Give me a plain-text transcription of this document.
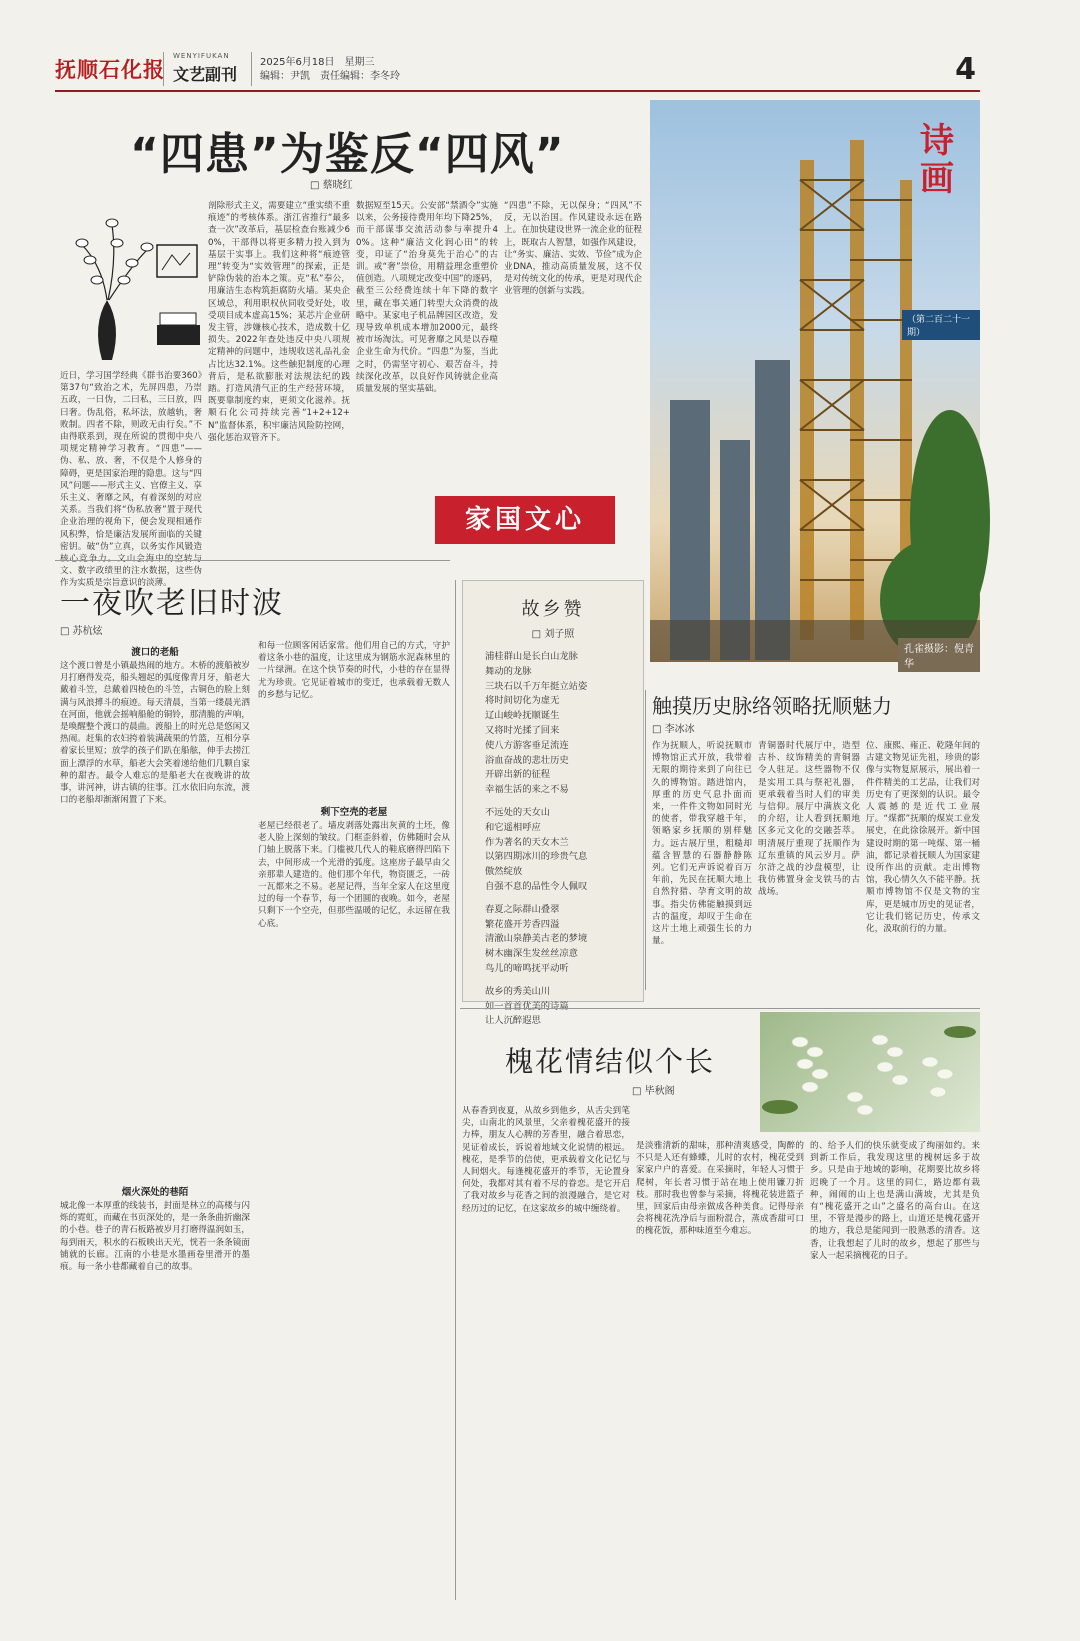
抚顺石化报
WENYIFUKAN
文艺副刊
2025年6月18日　星期三
编辑：尹凯　责任编辑：李冬玲	4
“四患”为鉴反“四风”
□ 蔡晓红
近日，学习国学经典《群书治要360》第37句“致治之术，先屏四患，乃崇五政，一曰伪，二曰私，三曰放，四曰奢。伪乱俗，私坏法，放越轨，奢败制。四者不除，则政无由行矣。”不由得联系到，现在所说的贯彻中央八项规定精神学习教育。“四患”——伪、私、放、奢，不仅是个人修身的障碍，更是国家治理的隐患。这与“四风”问题——形式主义、官僚主义、享乐主义、奢靡之风，有着深刻的对应关系。当我们将“伪私放奢”置于现代企业治理的视角下，便会发现相通作风积弊，恰是廉洁发展所面临的关键密钥。破“伪”立真，以务实作风锻造核心竞争力。文山会海中的空转与文、数字政绩里的注水数据，这些伪作为实质是宗旨意识的淡薄。
剖除形式主义，需要建立“重实绩不重痕迹”的考核体系。浙江省推行“最多查一次”改革后，基层检查台账减少60%，干部得以将更多精力投入到为基层干实事上。我们这种将“痕迹管理”转变为“实效管理”的探索，正是铲除伪装的治本之策。克“私”奉公，用廉洁生态构筑拒腐防火墙。某央企区域总，利用职权伙同收受好处，收受项目成本虚高15%；某芯片企业研发主管，涉嫌核心技术，造成数十亿损失。2022年查处违反中央八项规定精神的问题中，违规收送礼品礼金占比达32.1%。这些触犯制度的心理背后，是私欲膨胀对法规法纪的践踏。打造风清气正的生产经营环境，既要靠制度约束，更须文化滋养。抚顺石化公司持续完善“1+2+12+N”监督体系，积牢廉洁风险防控网，强化惩治双管齐下。
数据短至15天。公安部“禁酒令”实施以来，公务接待费用年均下降25%，而干部谋事交流活动参与率提升40%。这种“廉洁文化润心田”的转变，印证了“治身莫先于治心”的古训。戒“奢”崇俭，用精益理念重塑价值创造。八项规定改变中国”的逐码，截至三公经费连续十年下降的数字里，藏在事关通门转型大众消费的战略中。某家电子机品牌园区改造，发现导致单机成本增加2000元，最终被市场淘汰。可见奢靡之风是以吞噬企业生命为代价。“四患”为鉴，当此之时，仍需坚守初心、艰苦奋斗，持续深化改革，以良好作风铸就企业高质量发展的坚实基础。
“四患”不除，无以保身；“四风”不反，无以治国。作风建设永远在路上。在加快建设世界一流企业的征程上，既取古人智慧，如强作风建设，让“务实、廉洁、实效、节俭”成为企业DNA，推动高质量发展，这不仅是对传统文化的传承，更是对现代企业管理的创新与实践。
家国文心
诗画
（第二百二十一期）
孔雀摄影：倪青华
一夜吹老旧时波
□ 苏杭炫
渡口的老船
这个渡口曾是小镇最热闹的地方。木桥的渡船被岁月打磨得发亮，船头翘起的弧度像青月牙，船老大戴着斗笠，总戴着四棱色的斗笠，古铜色的脸上刻满与风浪搏斗的痕迹。每天清晨，当第一缕晨光洒在河面，他就会摇响船舱的铜铃，那清脆的声响，是唤醒整个渡口的晨曲。渡船上的时光总是悠闲又热闹。赶集的农妇挎着装满蔬果的竹篮，互相分享着家长里短；放学的孩子们趴在船舷，伸手去捞江面上漂浮的水草，船老大会笑着递给他们几颗自家种的甜杏。最令人难忘的是船老大在夜晚讲的故事，讲河神，讲古镇的往事。江水依旧向东流，渡口的老船却渐渐闲置了下来。
烟火深处的巷陌
城北像一本厚重的线装书，封面是林立的高楼与闪烁的霓虹，而藏在书页深处的，是一条条曲折幽深的小巷。巷子的青石板路被岁月打磨得温润如玉，每到雨天，积水的石板映出天光，恍若一条条镜面铺就的长廊。江南的小巷是水墨画卷里滑开的墨痕。每一条小巷都藏着自己的故事。
和每一位顾客闲话家常。他们用自己的方式，守护着这条小巷的温度，让这里成为钢筋水泥森林里的一片绿洲。在这个快节奏的时代，小巷的存在显得尤为珍贵。它见证着城市的变迁，也承载着无数人的乡愁与记忆。
剩下空壳的老屋
老屋已经很老了。墙皮剥落处露出灰黄的土坯，像老人脸上深刻的皱纹。门框歪斜着，仿佛随时会从门轴上脱落下来。门槛被几代人的鞋底磨得凹陷下去，中间形成一个光滑的弧度。这座房子最早由父亲那辈人建造的。他们那个年代，物资匮乏，一砖一瓦都来之不易。老屋记得，当年全家人在这里度过的每一个春节，每一个团圆的夜晚。如今，老屋只剩下一个空壳，但那些温暖的记忆，永远留在我心底。
故乡赞
□ 刘子照
浦桂群山是长白山龙脉
舞动的龙脉
三块石以千万年挺立站姿
将时间切化为虚无
辽山峻岭抚顺诞生
又将时光揉了回来
使八方游客垂足流连
浴血奋战的悲壮历史
开辟出新的征程
幸福生活的来之不易

不远处的天女山
和它遥相呼应
作为著名的天女木兰
以第四期冰川的珍贵气息
傲然绽放
自强不息的品性令人佩叹

春夏之际群山叠翠
繁花盛开芳香四溢
清澈山泉静美古老的梦境
树木幽深生发丝丝凉意
鸟儿的啼鸣抚平动听

故乡的秀美山川
如一首首优美的诗篇
让人沉醉遐思
触摸历史脉络领略抚顺魅力
□ 李冰冰
作为抚顺人，听说抚顺市博物馆正式开放，我带着无限的期待来到了向往已久的博物馆。踏进馆内，厚重的历史气息扑面而来，一件件文物如同时光的使者，带我穿越千年，领略家乡抚顺的别样魅力。远古展厅里，粗糙却蕴含智慧的石器静静陈列。它们无声诉说着百万年前，先民在抚顺大地上自然狩猎、孕育文明的故事。指尖仿佛能触摸到远古的温度，却叹于生命在这片土地上顽强生长的力量。
青铜器时代展厅中，造型古朴、纹饰精美的青铜器令人驻足。这些器物不仅是实用工具与祭祀礼器，更承载着当时人们的审美与信仰。展厅中满族文化的介绍，让人看到抚顺地区多元文化的交融荟萃。明清展厅重现了抚顺作为辽东重镇的风云岁月。萨尔浒之战的沙盘模型，让我仿佛置身金戈铁马的古战场。
位、康熙、雍正、乾隆年间的古建文物见证先祖，珍贵的影像与实物复原展示，展出着一件件精美的工艺品，让我们对历史有了更深刻的认识。最令人震撼的是近代工业展厅。“煤都”抚顺的煤炭工业发展史，在此徐徐展开。新中国建设时期的第一吨煤、第一桶油，都记录着抚顺人为国家建设所作出的贡献。走出博物馆，我心情久久不能平静。抚顺市博物馆不仅是文物的宝库，更是城市历史的见证者，它让我们铭记历史，传承文化，汲取前行的力量。
槐花情结似个长
□ 毕秋阁
从春香到夜夏，从故乡到他乡，从舌尖到笔尖，山南北的风景里，父亲着槐花盛开的接力棒，朋友人心脾的芳香里，融合着思恋，见证着成长，诉说着地域文化说情的根远。槐花，是季节的信使，更承载着文化记忆与人间烟火。每逢槐花盛开的季节，无论置身何处，我都对其有着不尽的眷恋。是它开启了我对故乡与花香之间的浪漫融合，是它对经历过的记忆，在这家故乡的城中缠绕着。
是淡雅清新的甜味，那种清爽感受，陶醉的不只是人还有蜂蝶，儿时的农村，槐花受到家家户户的喜爱。在采摘时，年轻人习惯于爬树，年长者习惯于站在地上使用镰刀折枝。那时我也曾参与采摘，将槐花装进篮子里，回家后由母亲做成各种美食。记得母亲会将槐花洗净后与面粉混合，蒸成香甜可口的槐花饭，那种味道至今难忘。
的、给予人们的快乐就变成了绚丽如约。来到新工作后，我发现这里的槐树远多于故乡。只是由于地域的影响，花期要比故乡将迟晚了一个月。这里的同仁，路边都有栽种，闹闹的山上也是满山满坡，尤其是负有“槐花盛开之山”之盛名的高台山。在这里，不管是漫步的路上，山道还是槐花盛开的地方，我总是能闻到一股熟悉的清香。这香，让我想起了儿时的故乡，想起了那些与家人一起采摘槐花的日子。
